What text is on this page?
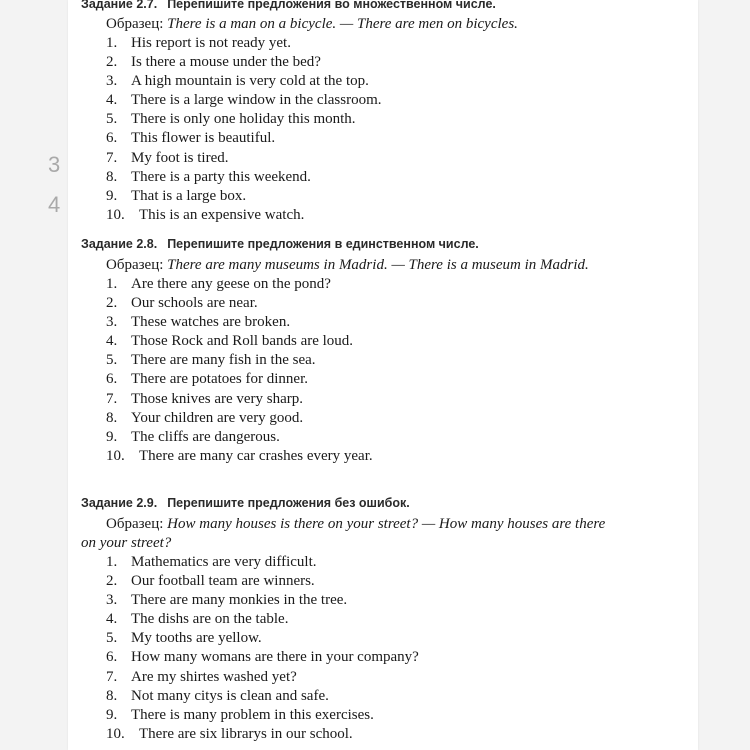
3
4
Задание 2.7. Перепишите предложения во множественном числе.
Образец: There is a man on a bicycle. — There are men on bicycles.
1. His report is not ready yet.
2. Is there a mouse under the bed?
3. A high mountain is very cold at the top.
4. There is a large window in the classroom.
5. There is only one holiday this month.
6. This flower is beautiful.
7. My foot is tired.
8. There is a party this weekend.
9. That is a large box.
10. This is an expensive watch.
Задание 2.8. Перепишите предложения в единственном числе.
Образец: There are many museums in Madrid. — There is a museum in Madrid.
1. Are there any geese on the pond?
2. Our schools are near.
3. These watches are broken.
4. Those Rock and Roll bands are loud.
5. There are many fish in the sea.
6. There are potatoes for dinner.
7. Those knives are very sharp.
8. Your children are very good.
9. The cliffs are dangerous.
10. There are many car crashes every year.
Задание 2.9. Перепишите предложения без ошибок.
Образец: How many houses is there on your street? — How many houses are there on your street?
1. Mathematics are very difficult.
2. Our football team are winners.
3. There are many monkies in the tree.
4. The dishs are on the table.
5. My tooths are yellow.
6. How many womans are there in your company?
7. Are my shirtes washed yet?
8. Not many citys is clean and safe.
9. There is many problem in this exercises.
10. There are six librarys in our school.
